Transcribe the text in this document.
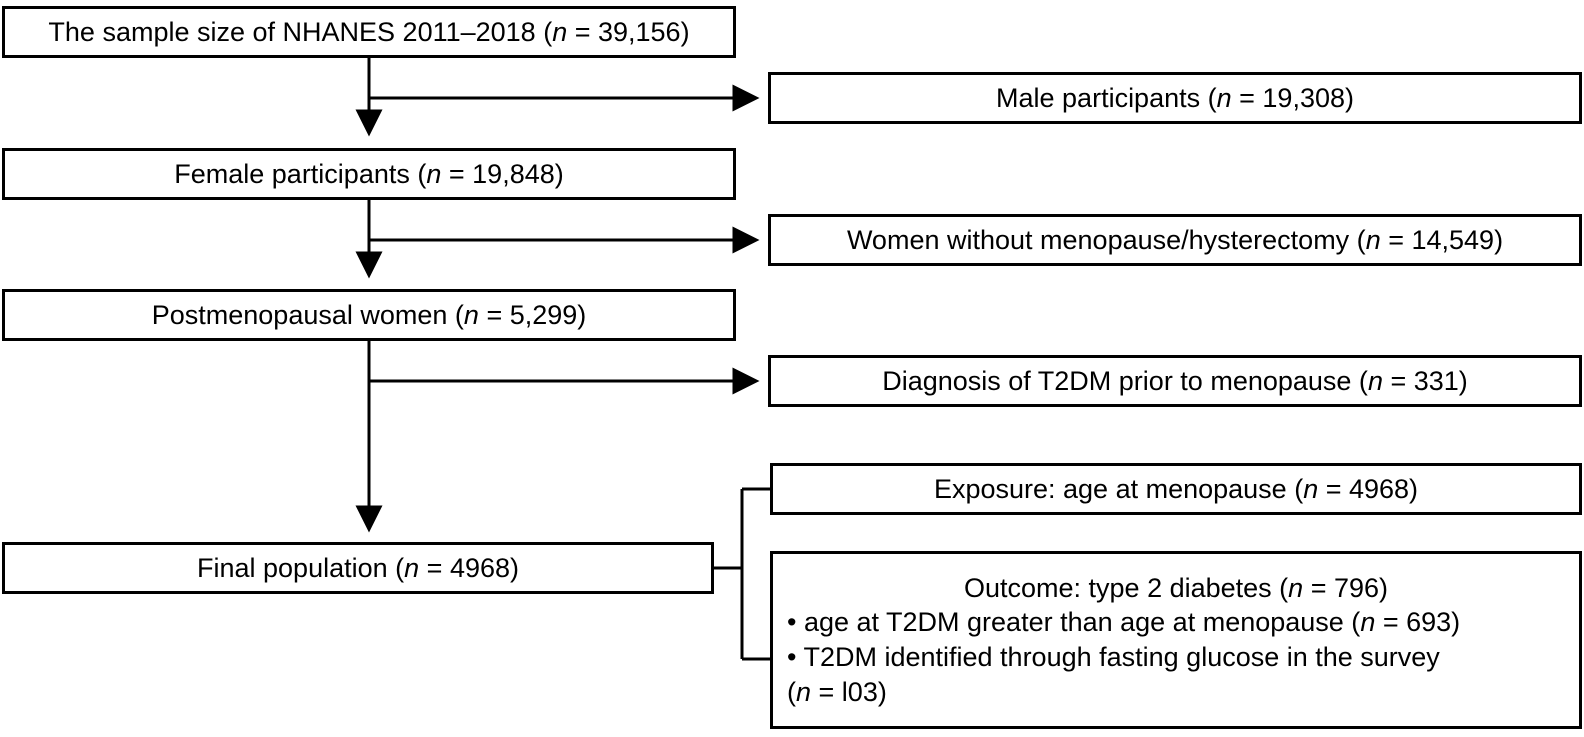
The sample size of NHANES 2011–2018 (n = 39,156)
Male participants (n = 19,308)
Female participants (n = 19,848)
Women without menopause/hysterectomy (n = 14,549)
Postmenopausal women (n = 5,299)
Diagnosis of T2DM prior to menopause (n = 331)
Final population (n = 4968)
Exposure: age at menopause (n = 4968)
Outcome: type 2 diabetes (n = 796)
• age at T2DM greater than age at menopause (n = 693)
• T2DM identified through fasting glucose in the survey
(n = l03)
